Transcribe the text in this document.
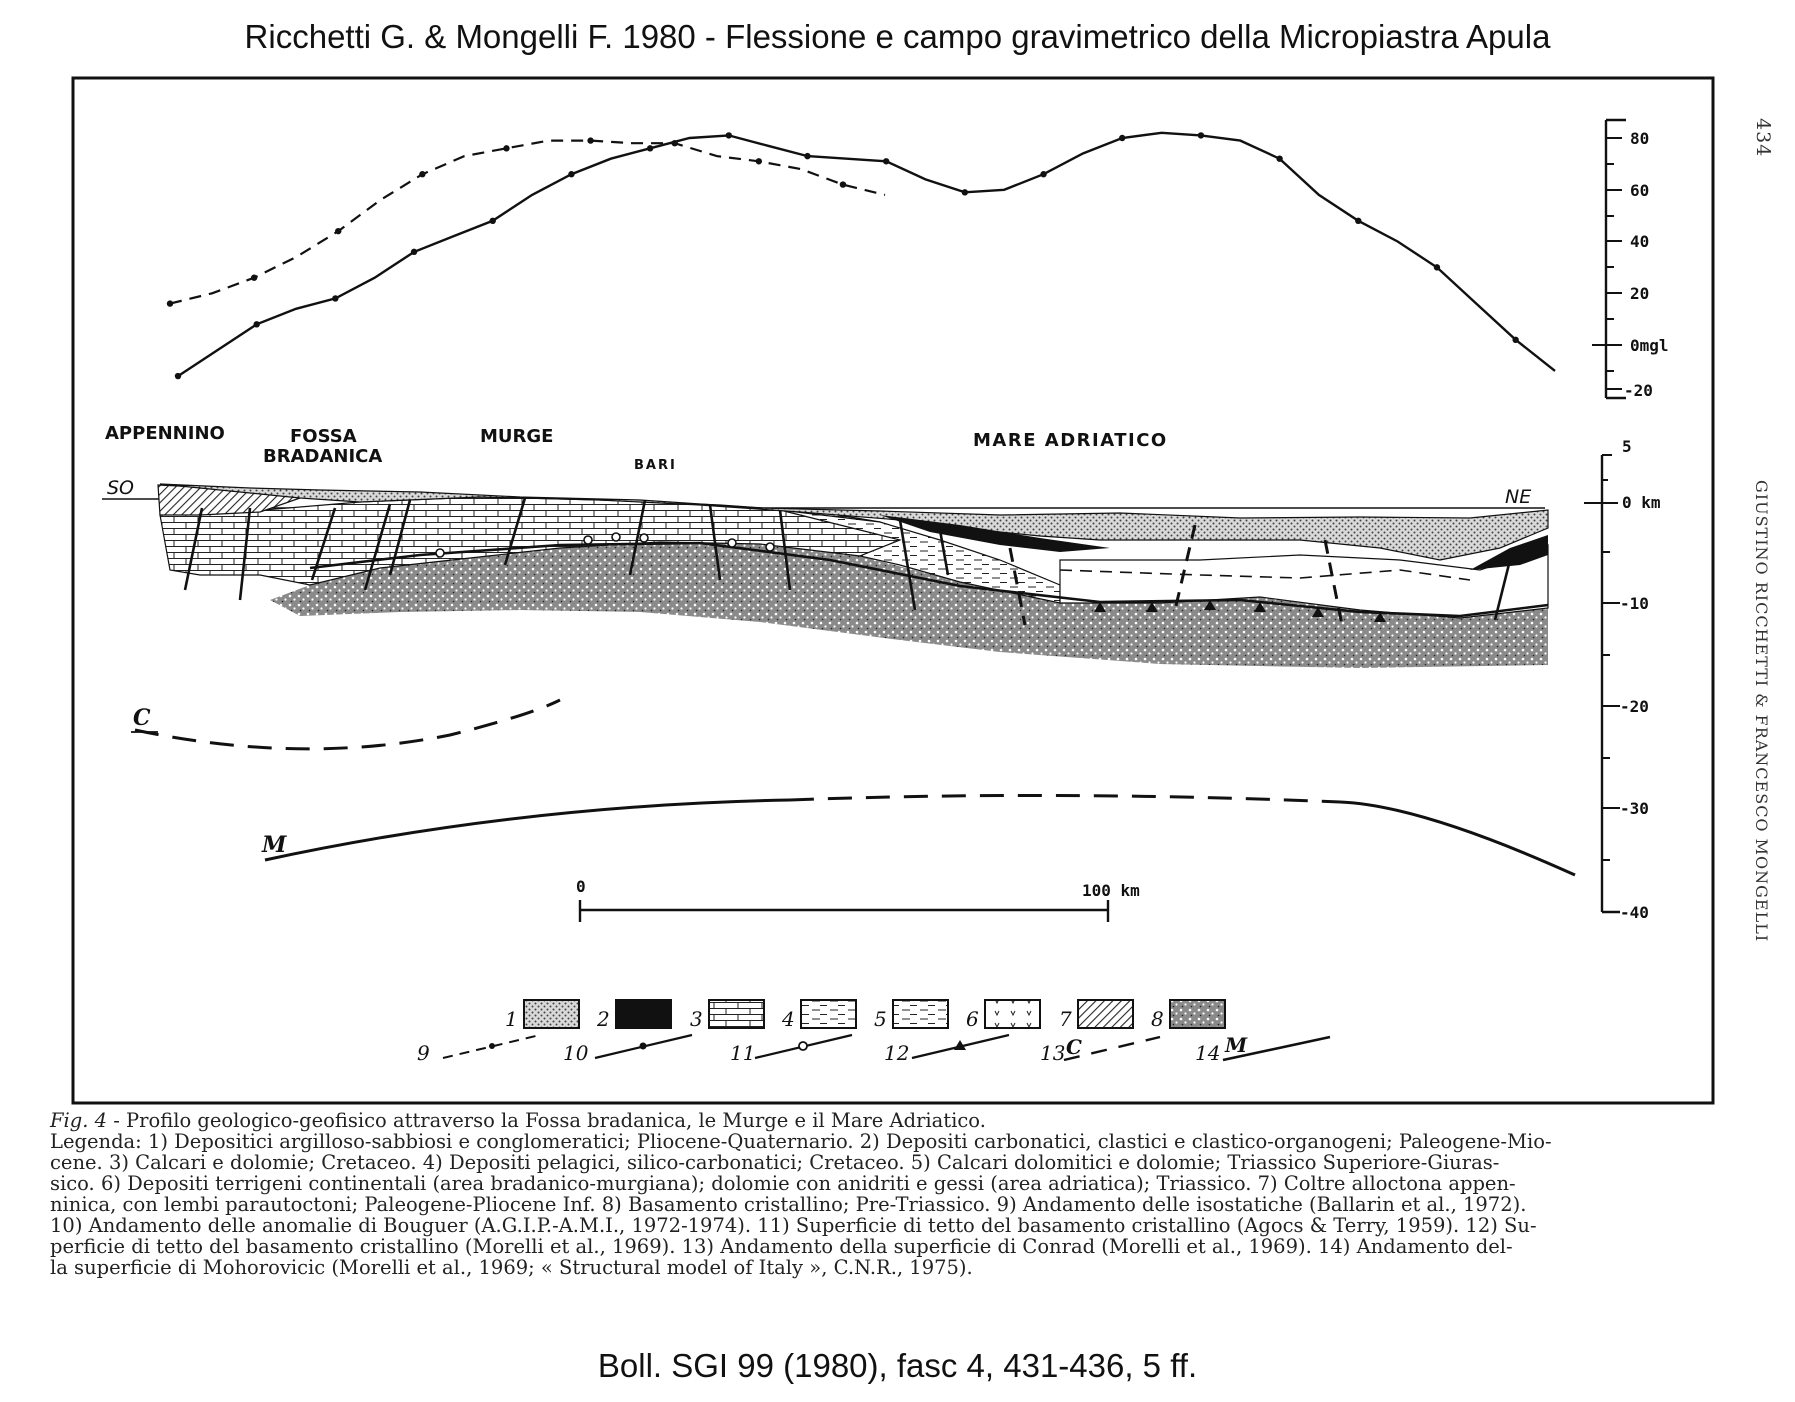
Ricchetti G. & Mongelli F. 1980 - Flessione e campo gravimetrico della Micropiastra Apula
80
60
40
20
0mgl
-20
APPENNINO	FOSSA
BRADANICA
MURGE
BARI
MARE ADRIATICO
SO	NE
C
M
5
0 km
-10
-20
-30
-40
0	100 km
1	2	3	4	5	6	7	8
9	10	11	12	13 C	14 M
434
GIUSTINO RICCHETTI & FRANCESCO MONGELLI
Fig. 4 - Profilo geologico-geofisico attraverso la Fossa bradanica, le Murge e il Mare Adriatico.
Legenda: 1) Depositici argilloso-sabbiosi e conglomeratici; Pliocene-Quaternario. 2) Depositi carbonatici, clastici e clastico-organogeni; Paleogene-Mio-
cene. 3) Calcari e dolomie; Cretaceo. 4) Depositi pelagici, silico-carbonatici; Cretaceo. 5) Calcari dolomitici e dolomie; Triassico Superiore-Giuras-
sico. 6) Depositi terrigeni continentali (area bradanico-murgiana); dolomie con anidriti e gessi (area adriatica); Triassico. 7) Coltre alloctona appen-
ninica, con lembi parautoctoni; Paleogene-Pliocene Inf. 8) Basamento cristallino; Pre-Triassico. 9) Andamento delle isostatiche (Ballarin et al., 1972).
10) Andamento delle anomalie di Bouguer (A.G.I.P.-A.M.I., 1972-1974). 11) Superficie di tetto del basamento cristallino (Agocs & Terry, 1959). 12) Su-
perficie di tetto del basamento cristallino (Morelli et al., 1969). 13) Andamento della superficie di Conrad (Morelli et al., 1969). 14) Andamento del-
la superficie di Mohorovicic (Morelli et al., 1969; « Structural model of Italy », C.N.R., 1975).
Boll. SGI 99 (1980), fasc 4, 431-436, 5 ff.
